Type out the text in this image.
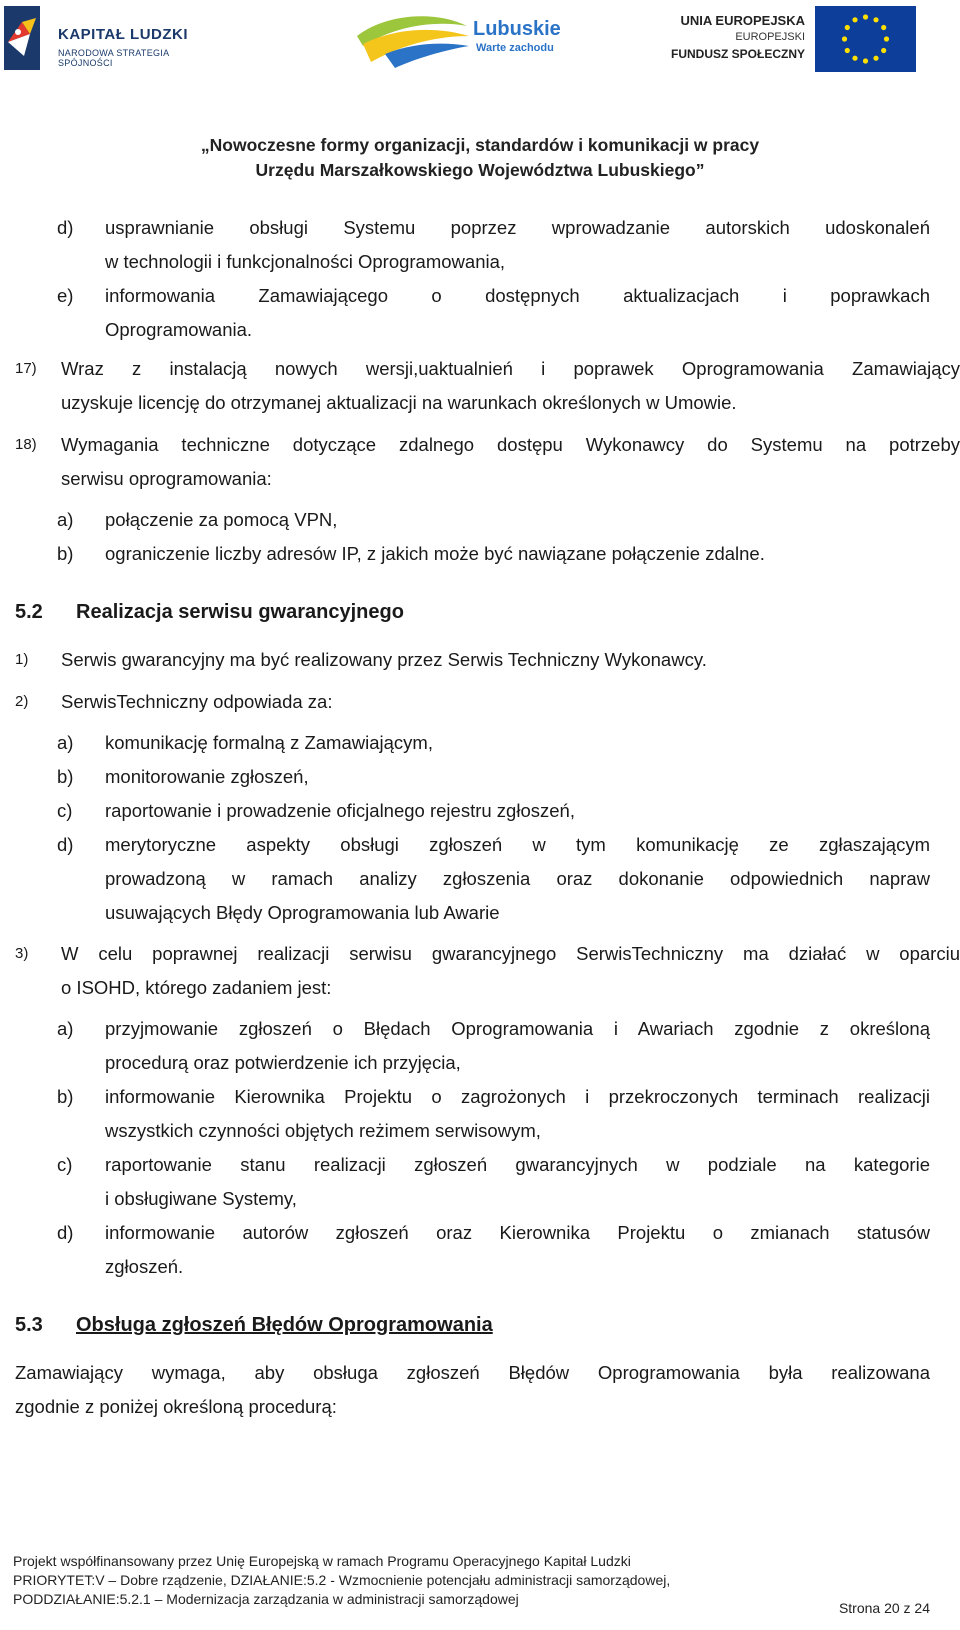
KAPITAŁ LUDZKI
NARODOWA STRATEGIA SPÓJNOŚCI
Lubuskie
Warte zachodu
UNIA EUROPEJSKA
EUROPEJSKI
FUNDUSZ SPOŁECZNY
„Nowoczesne formy organizacji, standardów i komunikacji w pracy
Urzędu Marszałkowskiego Województwa Lubuskiego”
d) usprawnianie obsługi Systemu poprzez wprowadzanie autorskich udoskonaleń
w technologii i funkcjonalności Oprogramowania,
e) informowania Zamawiającego o dostępnych aktualizacjach i poprawkach
Oprogramowania.
17) Wraz z instalacją nowych wersji,uaktualnień i poprawek Oprogramowania Zamawiający
uzyskuje licencję do otrzymanej aktualizacji na warunkach określonych w Umowie.
18) Wymagania techniczne dotyczące zdalnego dostępu Wykonawcy do Systemu na potrzeby
serwisu oprogramowania:
a) połączenie za pomocą VPN,
b) ograniczenie liczby adresów IP, z jakich może być nawiązane połączenie zdalne.
5.2 Realizacja serwisu gwarancyjnego
1) Serwis gwarancyjny ma być realizowany przez Serwis Techniczny Wykonawcy.
2) SerwisTechniczny odpowiada za:
a) komunikację formalną z Zamawiającym,
b) monitorowanie zgłoszeń,
c) raportowanie i prowadzenie oficjalnego rejestru zgłoszeń,
d) merytoryczne aspekty obsługi zgłoszeń w tym komunikację ze zgłaszającym
prowadzoną w ramach analizy zgłoszenia oraz dokonanie odpowiednich napraw
usuwających Błędy Oprogramowania lub Awarie
3) W celu poprawnej realizacji serwisu gwarancyjnego SerwisTechniczny ma działać w oparciu
o ISOHD, którego zadaniem jest:
a) przyjmowanie zgłoszeń o Błędach Oprogramowania i Awariach zgodnie z określoną
procedurą oraz potwierdzenie ich przyjęcia,
b) informowanie Kierownika Projektu o zagrożonych i przekroczonych terminach realizacji
wszystkich czynności objętych reżimem serwisowym,
c) raportowanie stanu realizacji zgłoszeń gwarancyjnych w podziale na kategorie
i obsługiwane Systemy,
d) informowanie autorów zgłoszeń oraz Kierownika Projektu o zmianach statusów
zgłoszeń.
5.3 Obsługa zgłoszeń Błędów Oprogramowania
Zamawiający wymaga, aby obsługa zgłoszeń Błędów Oprogramowania była realizowana
zgodnie z poniżej określoną procedurą:
Projekt współfinansowany przez Unię Europejską w ramach Programu Operacyjnego Kapitał Ludzki
PRIORYTET:V – Dobre rządzenie, DZIAŁANIE:5.2 - Wzmocnienie potencjału administracji samorządowej,
PODDZIAŁANIE:5.2.1 – Modernizacja zarządzania w administracji samorządowej
Strona 20 z 24
